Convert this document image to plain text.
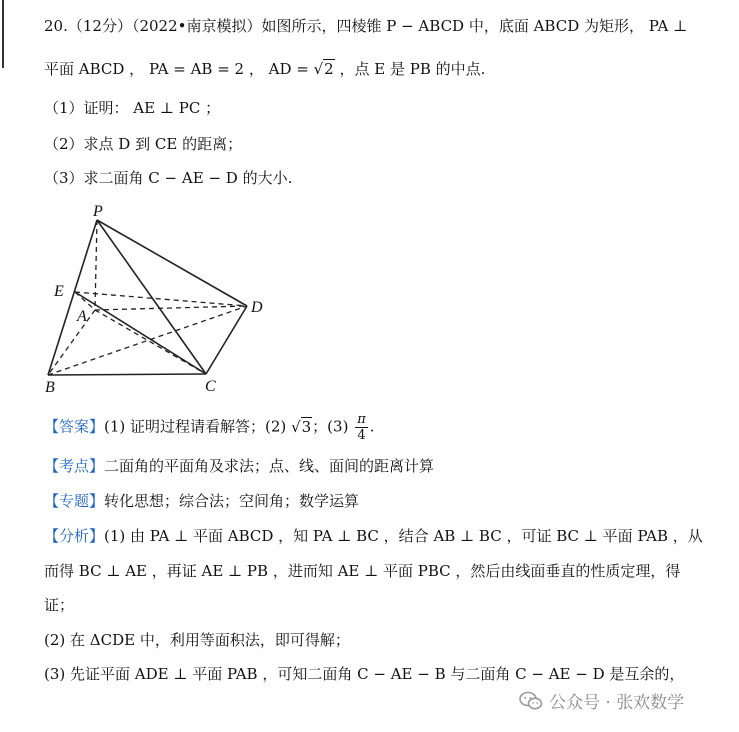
20.（12分）（2022•南京模拟）如图所示，四棱锥 P − ABCD 中，底面 ABCD 为矩形， PA ⊥
平面 ABCD ， PA = AB = 2 ， AD = √2 ，点 E 是 PB 的中点.
（1）证明： AE ⊥ PC ；
（2）求点 D 到 CE 的距离；
（3）求二面角 C − AE − D 的大小.
P
E
A
D
B	C
【答案】(1) 证明过程请看解答；(2) √3；$(3) \frac{\pi}{4}$ .
【考点】二面角的平面角及求法；点、线、面间的距离计算
【专题】转化思想；综合法；空间角；数学运算
【分析】(1) 由 PA ⊥ 平面 ABCD ，知 PA ⊥ BC ，结合 AB ⊥ BC ，可证 BC ⊥ 平面 PAB ，从
而得 BC ⊥ AE ，再证 AE ⊥ PB ，进而知 AE ⊥ 平面 PBC ，然后由线面垂直的性质定理，得
证；
(2) 在 ΔCDE 中，利用等面积法，即可得解；
(3) 先证平面 ADE ⊥ 平面 PAB ，可知二面角 C − AE − B 与二面角 C − AE − D 是互余的，
公众号 · 张欢数学
